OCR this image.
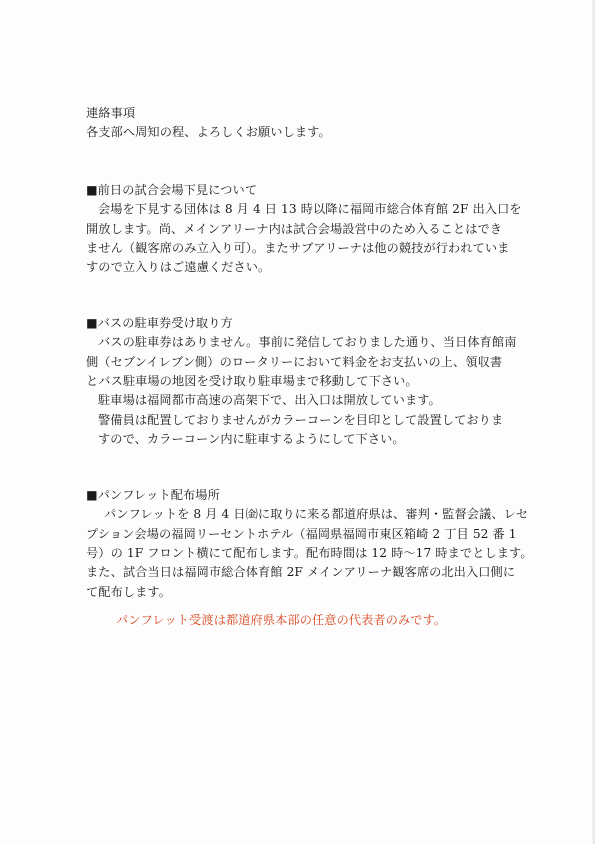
連絡事項
各支部へ周知の程、よろしくお願いします。
■前日の試合会場下見について
会場を下見する団体は 8 月 4 日 13 時以降に福岡市総合体育館 2F 出入口を
開放します。尚、メインアリーナ内は試合会場設営中のため入ることはでき
ません（観客席のみ立入り可）。またサブアリーナは他の競技が行われていま
すので立入りはご遠慮ください。
■バスの駐車券受け取り方
バスの駐車券はありません。事前に発信しておりました通り、当日体育館南
側（セブンイレブン側）のロータリーにおいて料金をお支払いの上、領収書
とバス駐車場の地図を受け取り駐車場まで移動して下さい。
駐車場は福岡都市高速の高架下で、出入口は開放しています。
警備員は配置しておりませんがカラーコーンを目印として設置しておりま
すので、カラーコーン内に駐車するようにして下さい。
■パンフレット配布場所
パンフレットを 8 月 4 日㈮に取りに来る都道府県は、審判・監督会議、レセ
プション会場の福岡リーセントホテル（福岡県福岡市東区箱崎 2 丁目 52 番 1
号）の 1F フロント横にて配布します。配布時間は 12 時～17 時までとします。
また、試合当日は福岡市総合体育館 2F メインアリーナ観客席の北出入口側に
て配布します。
パンフレット受渡は都道府県本部の任意の代表者のみです。
